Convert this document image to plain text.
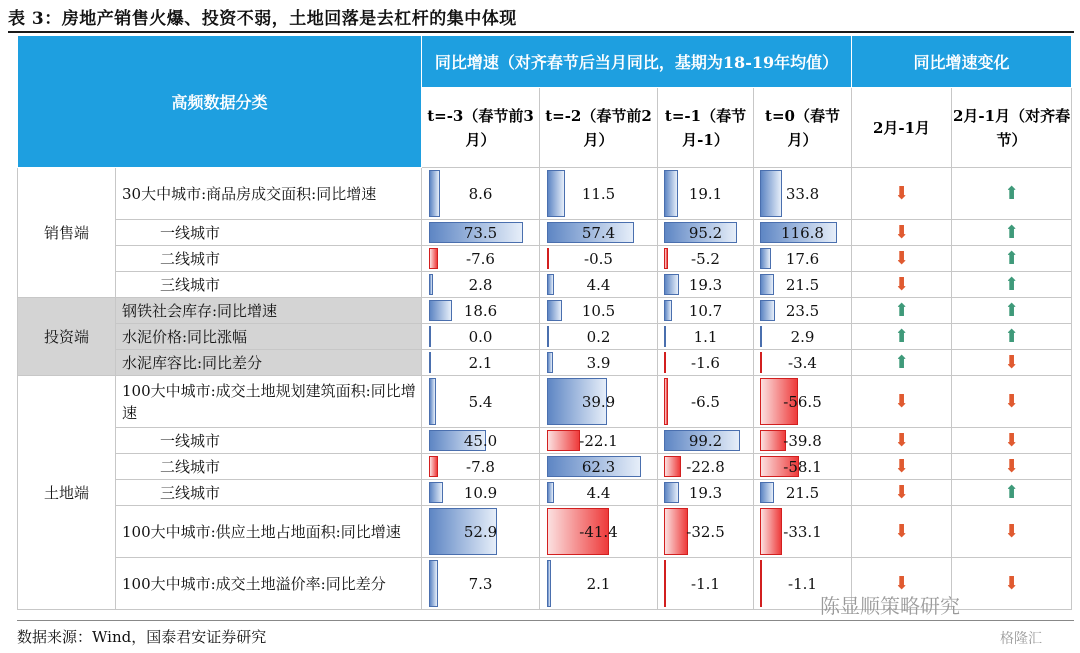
表 3：房地产销售火爆、投资不弱，土地回落是去杠杆的集中体现
高频数据分类		同比增速（对齐春节后当月同比，基期为18-19年均值）				同比增速变化	
		t=-3（春节前3月）	t=-2（春节前2月）	t=-1（春节月-1）	t=0（春节月）	2月-1月	2月-1月（对齐春节）
销售端	30大中城市:商品房成交面积:同比增速	8.6	11.5	19.1	33.8	⬇	⬆
	一线城市	73.5	57.4	95.2	116.8	⬇	⬆
	二线城市	-7.6	-0.5	-5.2	17.6	⬇	⬆
	三线城市	2.8	4.4	19.3	21.5	⬇	⬆
投资端	钢铁社会库存:同比增速	18.6	10.5	10.7	23.5	⬆	⬆
	水泥价格:同比涨幅	0.0	0.2	1.1	2.9	⬆	⬆
	水泥库容比:同比差分	2.1	3.9	-1.6	-3.4	⬆	⬇
土地端	100大中城市:成交土地规划建筑面积:同比增速	5.4	39.9	-6.5	-56.5	⬇	⬇
	一线城市	45.0	-22.1	99.2	-39.8	⬇	⬇
	二线城市	-7.8	62.3	-22.8	-58.1	⬇	⬇
	三线城市	10.9	4.4	19.3	21.5	⬇	⬆
	100大中城市:供应土地占地面积:同比增速	52.9	-41.4	-32.5	-33.1	⬇	⬇
	100大中城市:成交土地溢价率:同比差分	7.3	2.1	-1.1	-1.1	⬇	⬇
数据来源：Wind，国泰君安证券研究
陈显顺策略研究
格隆汇
